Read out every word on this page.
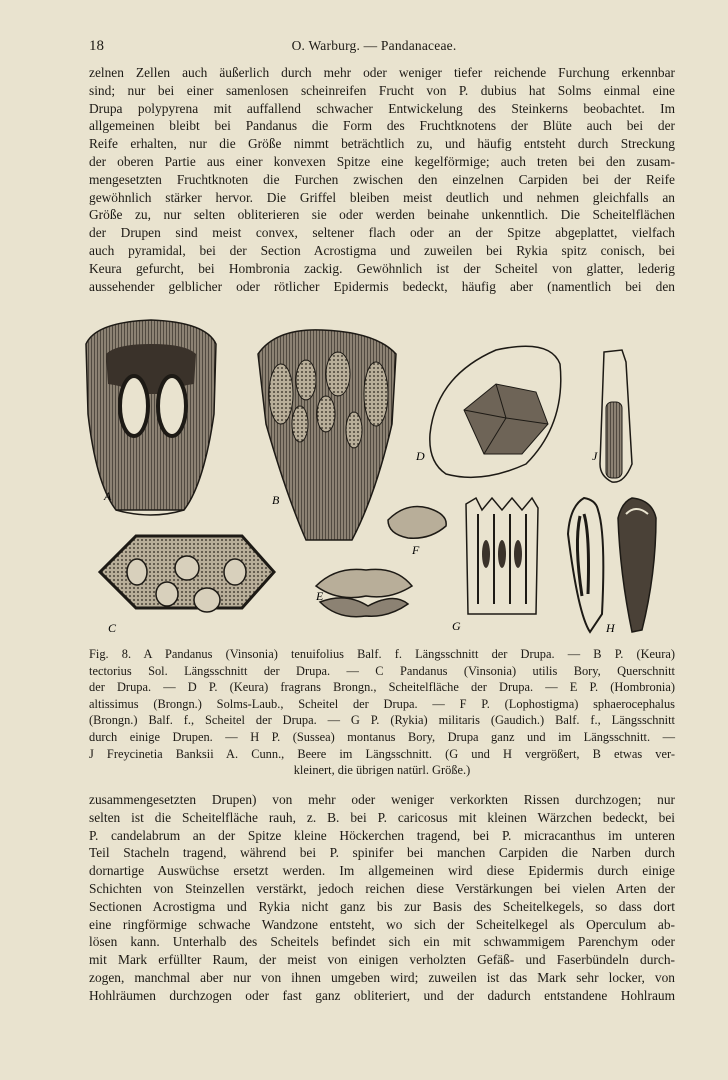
18	O. Warburg. — Pandanaceae.
zelnen Zellen auch äußerlich durch mehr oder weniger tiefer reichende Furchung erkennbar
sind; nur bei einer samenlosen scheinreifen Frucht von P. dubius hat Solms einmal eine
Drupa polypyrena mit auffallend schwacher Entwickelung des Steinkerns beobachtet. Im
allgemeinen bleibt bei Pandanus die Form des Fruchtknotens der Blüte auch bei der
Reife erhalten, nur die Größe nimmt beträchtlich zu, und häufig entsteht durch Streckung
der oberen Partie aus einer konvexen Spitze eine kegelförmige; auch treten bei den zusam-
mengesetzten Fruchtknoten die Furchen zwischen den einzelnen Carpiden bei der Reife
gewöhnlich stärker hervor. Die Griffel bleiben meist deutlich und nehmen gleichfalls an
Größe zu, nur selten obliterieren sie oder werden beinahe unkenntlich. Die Scheitelflächen
der Drupen sind meist convex, seltener flach oder an der Spitze abgeplattet, vielfach
auch pyramidal, bei der Section Acrostigma und zuweilen bei Rykia spitz conisch, bei
Keura gefurcht, bei Hombronia zackig. Gewöhnlich ist der Scheitel von glatter, lederig
aussehender gelblicher oder rötlicher Epidermis bedeckt, häufig aber (namentlich bei den
A	B
C
D
E
F
G	H
J
Fig. 8. A Pandanus (Vinsonia) tenuifolius Balf. f. Längsschnitt der Drupa. — B P. (Keura)
tectorius Sol. Längsschnitt der Drupa. — C Pandanus (Vinsonia) utilis Bory, Querschnitt
der Drupa. — D P. (Keura) fragrans Brongn., Scheitelfläche der Drupa. — E P. (Hombronia)
altissimus (Brongn.) Solms-Laub., Scheitel der Drupa. — F P. (Lophostigma) sphaerocephalus
(Brongn.) Balf. f., Scheitel der Drupa. — G P. (Rykia) militaris (Gaudich.) Balf. f., Längsschnitt
durch einige Drupen. — H P. (Sussea) montanus Bory, Drupa ganz und im Längsschnitt. —
J Freycinetia Banksii A. Cunn., Beere im Längsschnitt. (G und H vergrößert, B etwas ver-
kleinert, die übrigen natürl. Größe.)
zusammengesetzten Drupen) von mehr oder weniger verkorkten Rissen durchzogen; nur
selten ist die Scheitelfläche rauh, z. B. bei P. caricosus mit kleinen Wärzchen bedeckt, bei
P. candelabrum an der Spitze kleine Höckerchen tragend, bei P. micracanthus im unteren
Teil Stacheln tragend, während bei P. spinifer bei manchen Carpiden die Narben durch
dornartige Auswüchse ersetzt werden. Im allgemeinen wird diese Epidermis durch einige
Schichten von Steinzellen verstärkt, jedoch reichen diese Verstärkungen bei vielen Arten der
Sectionen Acrostigma und Rykia nicht ganz bis zur Basis des Scheitelkegels, so dass dort
eine ringförmige schwache Wandzone entsteht, wo sich der Scheitelkegel als Operculum ab-
lösen kann. Unterhalb des Scheitels befindet sich ein mit schwammigem Parenchym oder
mit Mark erfüllter Raum, der meist von einigen verholzten Gefäß- und Faserbündeln durch-
zogen, manchmal aber nur von ihnen umgeben wird; zuweilen ist das Mark sehr locker, von
Hohlräumen durchzogen oder fast ganz obliteriert, und der dadurch entstandene Hohlraum
